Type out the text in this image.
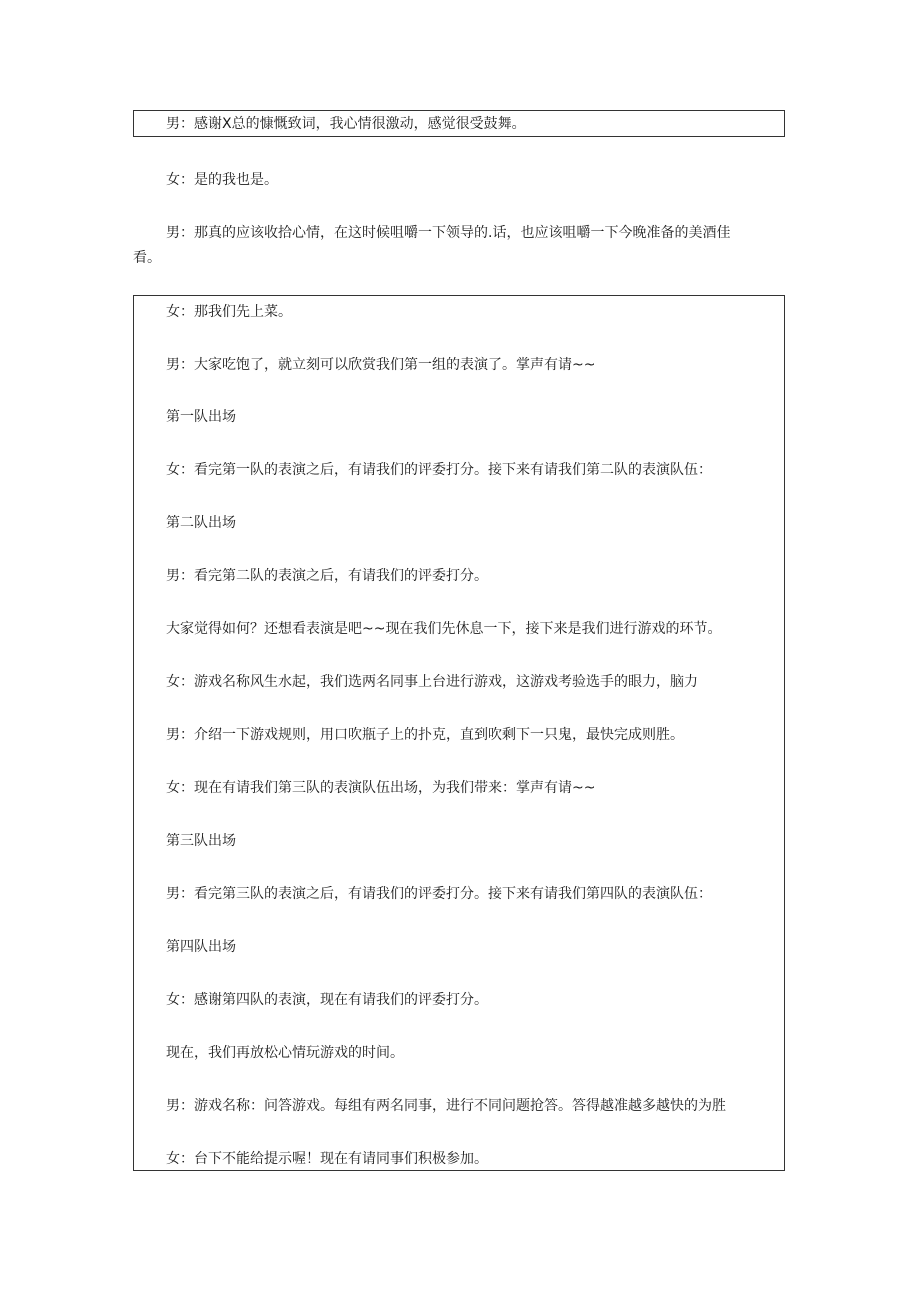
男：感谢X总的慷慨致词，我心情很激动，感觉很受鼓舞。
女：是的我也是。
男：那真的应该收拾心情，在这时候咀嚼一下领导的.话，也应该咀嚼一下今晚准备的美酒佳
看。
女：那我们先上菜。
男：大家吃饱了，就立刻可以欣赏我们第一组的表演了。掌声有请~~
第一队出场
女：看完第一队的表演之后，有请我们的评委打分。接下来有请我们第二队的表演队伍：
第二队出场
男：看完第二队的表演之后，有请我们的评委打分。
大家觉得如何？还想看表演是吧~~现在我们先休息一下，接下来是我们进行游戏的环节。
女：游戏名称风生水起，我们选两名同事上台进行游戏，这游戏考验选手的眼力，脑力
男：介绍一下游戏规则，用口吹瓶子上的扑克，直到吹剩下一只鬼，最快完成则胜。
女：现在有请我们第三队的表演队伍出场，为我们带来：掌声有请~~
第三队出场
男：看完第三队的表演之后，有请我们的评委打分。接下来有请我们第四队的表演队伍：
第四队出场
女：感谢第四队的表演，现在有请我们的评委打分。
现在，我们再放松心情玩游戏的时间。
男：游戏名称：问答游戏。每组有两名同事，进行不同问题抢答。答得越准越多越快的为胜
女：台下不能给提示喔！现在有请同事们积极参加。
